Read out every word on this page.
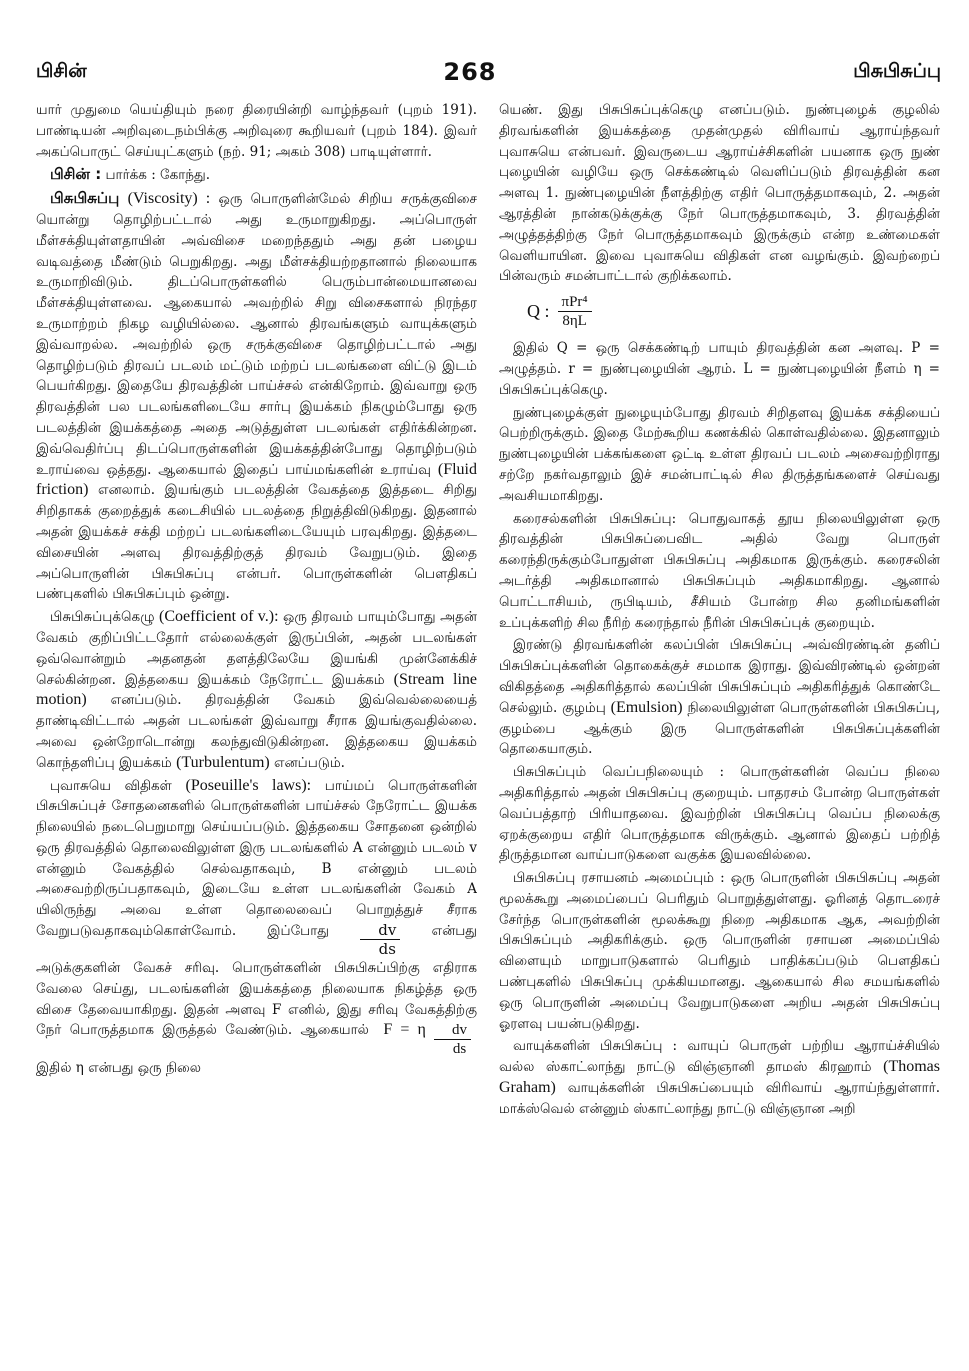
பிசின்	268	பிசுபிசுப்பு

யார் முதுமை யெய்தியும் நரை திரையின்றி வாழ்ந்தவர் (புறம் 191). பாண்டியன் அறிவுடைநம்பிக்கு அறிவுரை கூறியவர் (புறம் 184). இவர் அகப்பொருட் செய்யுட்களும் (நற். 91; அகம் 308) பாடியுள்ளார்.

பிசின் : பார்க்க : கோந்து.

பிசுபிசுப்பு (Viscosity) : ஒரு பொருளின்மேல் சிறிய சருக்குவிசை யொன்று தொழிற்பட்டால் அது உருமாறுகிறது. அப்பொருள் மீள்சக்தியுள்ளதாயின் அவ்விசை மறைந்ததும் அது தன் பழைய வடிவத்தை மீண்டும் பெறுகிறது. அது மீள்சக்தியற்றதானால் நிலையாக உருமாறிவிடும். திடப்பொருள்களில் பெரும்பான்மையானவை மீள்சக்தியுள்ளவை. ஆகையால் அவற்றில் சிறு விசைகளால் நிரந்தர உருமாற்றம் நிகழ வழியில்லை. ஆனால் திரவங்களும் வாயுக்களும் இவ்வாறல்ல. அவற்றில் ஒரு சருக்குவிசை தொழிற்பட்டால் அது தொழிற்படும் திரவப் படலம் மட்டும் மற்றப் படலங்களை விட்டு இடம் பெயர்கிறது. இதையே திரவத்தின் பாய்ச்சல் என்கிறோம். இவ்வாறு ஒரு திரவத்தின் பல படலங்களிடையே சார்பு இயக்கம் நிகழும்போது ஒரு படலத்தின் இயக்கத்தை அதை அடுத்துள்ள படலங்கள் எதிர்க்கின்றன. இவ்வெதிர்ப்பு திடப்பொருள்களின் இயக்கத்தின்போது தொழிற்படும் உராய்வை ஒத்தது. ஆகையால் இதைப் பாய்மங்களின் உராய்வு (Fluid friction) எனலாம். இயங்கும் படலத்தின் வேகத்தை இத்தடை சிறிது சிறிதாகக் குறைத்துக் கடைசியில் படலத்தை நிறுத்திவிடுகிறது. இதனால் அதன் இயக்கச் சக்தி மற்றப் படலங்களிடையேயும் பரவுகிறது. இத்தடை விசையின் அளவு திரவத்திற்குத் திரவம் வேறுபடும். இதை அப்பொருளின் பிசுபிசுப்பு என்பர். பொருள்களின் பௌதிகப் பண்புகளில் பிசுபிசுப்பும் ஒன்று.

பிசுபிசுப்புக்கெழு (Coefficient of v.): ஒரு திரவம் பாயும்போது அதன் வேகம் குறிப்பிட்டதோர் எல்லைக்குள் இருப்பின், அதன் படலங்கள் ஒவ்வொன்றும் அதனதன் தளத்திலேயே இயங்கி முன்னேக்கிச் செல்கின்றன. இத்தகைய இயக்கம் நேரோட்ட இயக்கம் (Stream line motion) எனப்படும். திரவத்தின் வேகம் இவ்வெல்லையைத் தாண்டிவிட்டால் அதன் படலங்கள் இவ்வாறு சீராக இயங்குவதில்லை. அவை ஒன்றோடொன்று கலந்துவிடுகின்றன. இத்தகைய இயக்கம் கொந்தளிப்பு இயக்கம் (Turbulentum) எனப்படும்.

புவாசுயெ விதிகள் (Poseuille's laws): பாய்மப் பொருள்களின் பிசுபிசுப்புச் சோதனைகளில் பொருள்களின் பாய்ச்சல் நேரோட்ட இயக்க நிலையில் நடைபெறுமாறு செய்யப்படும். இத்தகைய சோதனை ஒன்றில் ஒரு திரவத்தில் தொலைவிலுள்ள இரு படலங்களில் A என்னும் படலம் v என்னும் வேகத்தில் செல்வதாகவும், B என்னும் படலம் அசைவற்றிருப்பதாகவும், இடையே உள்ள படலங்களின் வேகம் A யிலிருந்து அவை உள்ள தொலைவைப் பொறுத்துச் சீராக வேறுபடுவதாகவும்கொள்வோம். இப்போது $\frac{dv}{ds}$ என்பது அடுக்குகளின் வேகச் சரிவு. பொருள்களின் பிசுபிசுப்பிற்கு எதிராக வேலை செய்து, படலங்களின் இயக்கத்தை நிலையாக நிகழ்த்த ஒரு விசை தேவையாகிறது. இதன் அளவு F எனில், இது சரிவு வேகத்திற்கு நேர் பொருத்தமாக இருத்தல் வேண்டும். ஆகையால் F = η $\frac{dv}{ds}$
இதில் η என்பது ஒரு நிலை

யெண். இது பிசுபிசுப்புக்கெழு எனப்படும். நுண்புழைக் குழலில் திரவங்களின் இயக்கத்தை முதன்முதல் விரிவாய் ஆராய்ந்தவர் புவாசுயெ என்பவர். இவருடைய ஆராய்ச்சிகளின் பயனாக ஒரு நுண் புழையின் வழியே ஒரு செக்கண்டில் வெளிப்படும் திரவத்தின் கன அளவு 1. நுண்புழையின் நீளத்திற்கு எதிர் பொருத்தமாகவும், 2. அதன் ஆரத்தின் நான்கடுக்குக்கு நேர் பொருத்தமாகவும், 3. திரவத்தின் அழுத்தத்திற்கு நேர் பொருத்தமாகவும் இருக்கும் என்ற உண்மைகள் வெளியாயின. இவை புவாசுயெ விதிகள் என வழங்கும். இவற்றைப் பின்வரும் சமன்பாட்டால் குறிக்கலாம்.

Q : $\frac{\text{πPr⁴}}{8\eta L}$

இதில் Q = ஒரு செக்கண்டிற் பாயும் திரவத்தின் கன அளவு. P = அழுத்தம். r = நுண்புழையின் ஆரம். L = நுண்புழையின் நீளம் η = பிசுபிசுப்புக்கெழு.

நுண்புழைக்குள் நுழையும்போது திரவம் சிறிதளவு இயக்க சக்தியைப் பெற்றிருக்கும். இதை மேற்கூறிய கணக்கில் கொள்வதில்லை. இதனாலும் நுண்புழையின் பக்கங்களை ஒட்டி உள்ள திரவப் படலம் அசைவற்றிராது சற்றே நகர்வதாலும் இச் சமன்பாட்டில் சில திருத்தங்களைச் செய்வது அவசியமாகிறது.

கரைசல்களின் பிசுபிசுப்பு: பொதுவாகத் தூய நிலையிலுள்ள ஒரு திரவத்தின் பிசுபிசுப்பைவிட அதில் வேறு பொருள் கரைந்திருக்கும்போதுள்ள பிசுபிசுப்பு அதிகமாக இருக்கும். கரைசலின் அடர்த்தி அதிகமானால் பிசுபிசுப்பும் அதிகமாகிறது. ஆனால் பொட்டாசியம், ருபிடியம், சீசியம் போன்ற சில தனிமங்களின் உப்புக்களிற் சில நீரிற் கரைந்தால் நீரின் பிசுபிசுப்புக் குறையும்.

இரண்டு திரவங்களின் கலப்பின் பிசுபிசுப்பு அவ்விரண்டின் தனிப் பிசுபிசுப்புக்களின் தொகைக்குச் சமமாக இராது. இவ்விரண்டில் ஒன்றன் விகிதத்தை அதிகரித்தால் கலப்பின் பிசுபிசுப்பும் அதிகரித்துக் கொண்டே செல்லும். குழம்பு (Emulsion) நிலையிலுள்ள பொருள்களின் பிசுபிசுப்பு, குழம்பை ஆக்கும் இரு பொருள்களின் பிசுபிசுப்புக்களின் தொகையாகும்.

பிசுபிசுப்பும் வெப்பநிலையும் : பொருள்களின் வெப்ப நிலை அதிகரித்தால் அதன் பிசுபிசுப்பு குறையும். பாதரசம் போன்ற பொருள்கள் வெப்பத்தாற் பிரியாதவை. இவற்றின் பிசுபிசுப்பு வெப்ப நிலைக்கு ஏறக்குறைய எதிர் பொருத்தமாக விருக்கும். ஆனால் இதைப் பற்றித் திருத்தமான வாய்பாடுகளை வகுக்க இயலவில்லை.

பிசுபிசுப்பு ரசாயனம் அமைப்பும் : ஒரு பொருளின் பிசுபிசுப்பு அதன் மூலக்கூறு அமைப்பைப் பெரிதும் பொறுத்துள்ளது. ஓரினத் தொடரைச் சேர்ந்த பொருள்களின் மூலக்கூறு நிறை அதிகமாக ஆக, அவற்றின் பிசுபிசுப்பும் அதிகரிக்கும். ஒரு பொருளின் ரசாயன அமைப்பில் விளையும் மாறுபாடுகளால் பெரிதும் பாதிக்கப்படும் பௌதிகப் பண்புகளில் பிசுபிசுப்பு முக்கியமானது. ஆகையால் சில சமயங்களில் ஒரு பொருளின் அமைப்பு வேறுபாடுகளை அறிய அதன் பிசுபிசுப்பு ஓரளவு பயன்படுகிறது.

வாயுக்களின் பிசுபிசுப்பு : வாயுப் பொருள் பற்றிய ஆராய்ச்சியில் வல்ல ஸ்காட்லாந்து நாட்டு விஞ்ஞானி தாமஸ் கிரஹாம் (Thomas Graham) வாயுக்களின் பிசுபிசுப்பையும் விரிவாய் ஆராய்ந்துள்ளார். மாக்ஸ்வெல் என்னும் ஸ்காட்லாந்து நாட்டு விஞ்ஞான அறி
